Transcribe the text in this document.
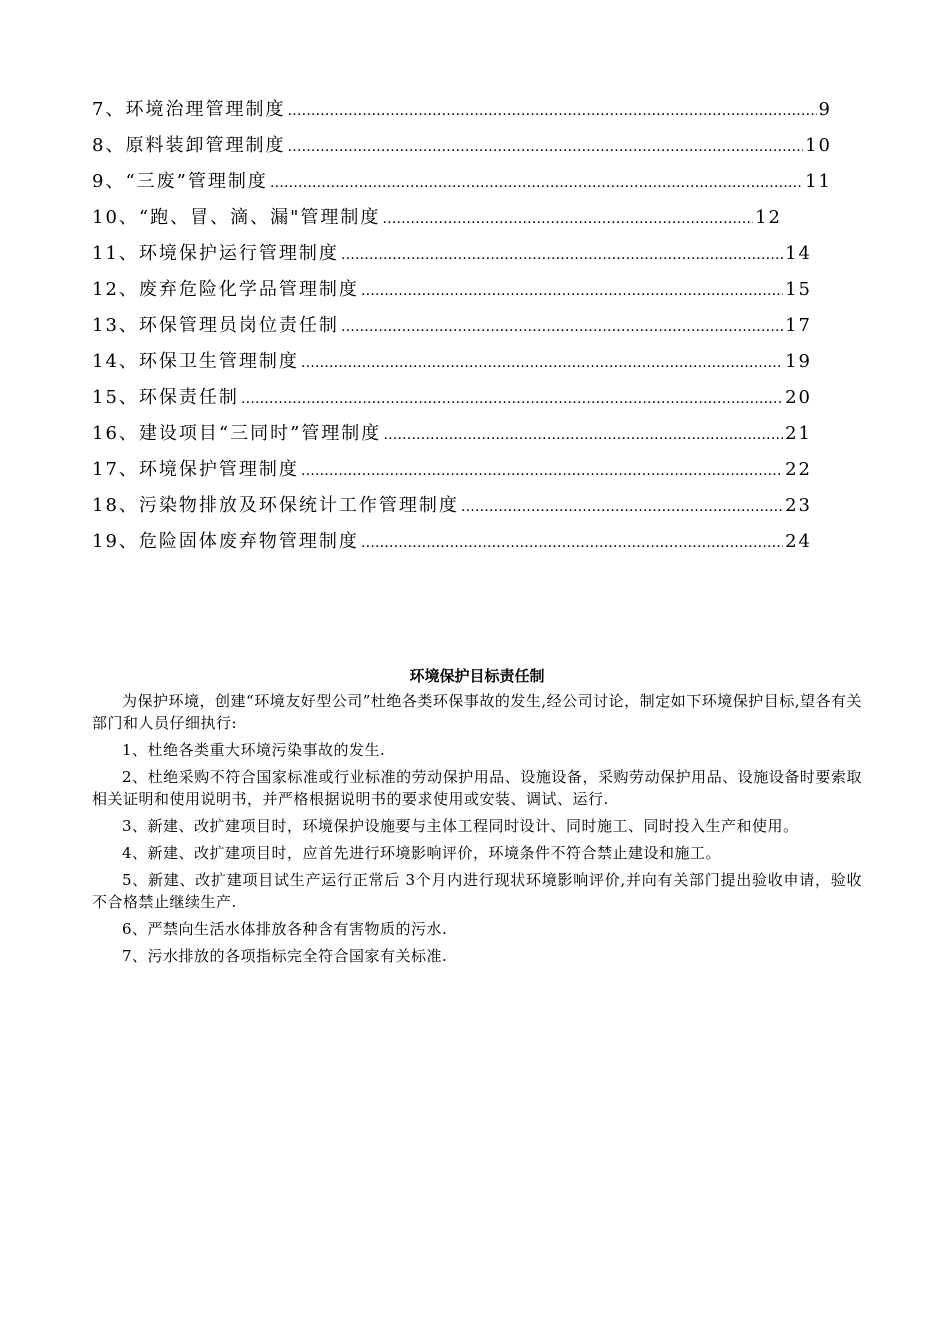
7、 环境治理管理制度 ……………………………………………………………………………………………………………………………………………………………………………………………………………………	9
8、 原料装卸管理制度 ……………………………………………………………………………………………………………………………………………………………………………………………………………………	10
9、 “三废”管理制度 ……………………………………………………………………………………………………………………………………………………………………………………………………………………	11
10、 “跑、冒、滴、漏"管理制度 ……………………………………………………………………………………………………………………………………………………………………………………………………………………	12
11、 环境保护运行管理制度 ……………………………………………………………………………………………………………………………………………………………………………………………………………………	14
12、 废弃危险化学品管理制度 ……………………………………………………………………………………………………………………………………………………………………………………………………………………	15
13、 环保管理员岗位责任制 ……………………………………………………………………………………………………………………………………………………………………………………………………………………	17
14、 环保卫生管理制度 ……………………………………………………………………………………………………………………………………………………………………………………………………………………	19
15、 环保责任制 ……………………………………………………………………………………………………………………………………………………………………………………………………………………	20
16、 建设项目“三同时”管理制度 ……………………………………………………………………………………………………………………………………………………………………………………………………………………	21
17、 环境保护管理制度 ……………………………………………………………………………………………………………………………………………………………………………………………………………………	22
18、 污染物排放及环保统计工作管理制度 ……………………………………………………………………………………………………………………………………………………………………………………………………………………	23
19、 危险固体废弃物管理制度 ……………………………………………………………………………………………………………………………………………………………………………………………………………………	24
环境保护目标责任制

为保护环境，创建“环境友好型公司”杜绝各类环保事故的发生,经公司讨论，制定如下环境保护目标,望各有关部门和人员仔细执行:

1、杜绝各类重大环境污染事故的发生.

2、杜绝采购不符合国家标准或行业标准的劳动保护用品、设施设备，采购劳动保护用品、设施设备时要索取相关证明和使用说明书，并严格根据说明书的要求使用或安装、调试、运行.

3、新建、改扩建项目时，环境保护设施要与主体工程同时设计、同时施工、同时投入生产和使用。

4、新建、改扩建项目时，应首先进行环境影响评价，环境条件不符合禁止建设和施工。

5、新建、改扩建项目试生产运行正常后 3个月内进行现状环境影响评价,并向有关部门提出验收申请，验收不合格禁止继续生产.

6、严禁向生活水体排放各种含有害物质的污水.

7、污水排放的各项指标完全符合国家有关标准.
